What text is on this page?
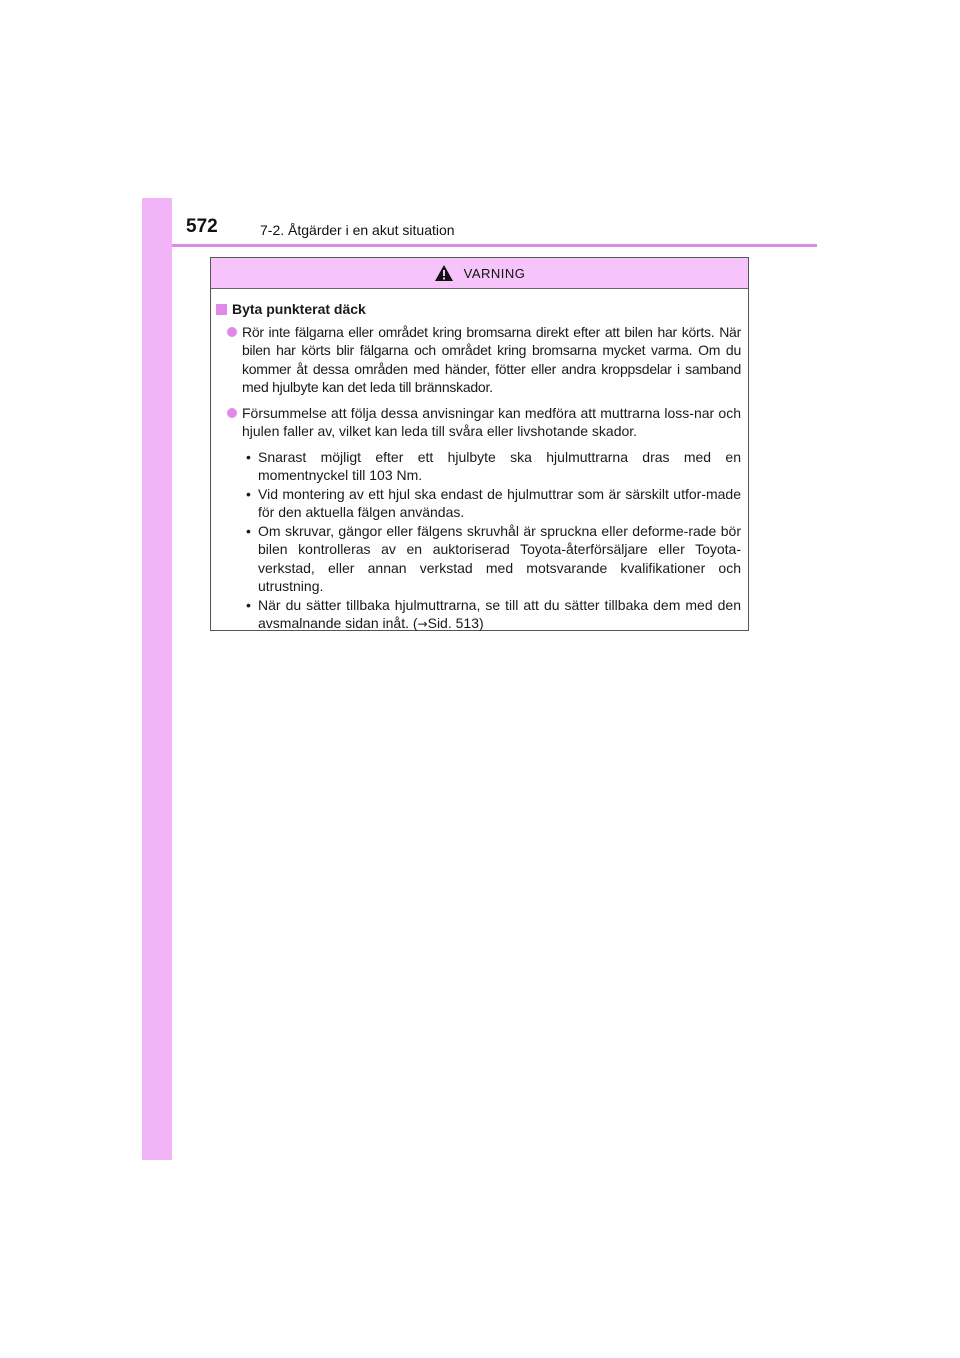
572	7-2. Åtgärder i en akut situation
VARNING
Byta punkterat däck
Rör inte fälgarna eller området kring bromsarna direkt efter att bilen har körts. När bilen har körts blir fälgarna och området kring bromsarna mycket varma. Om du kommer åt dessa områden med händer, fötter eller andra kroppsdelar i samband med hjulbyte kan det leda till brännskador.
Försummelse att följa dessa anvisningar kan medföra att muttrarna loss-nar och hjulen faller av, vilket kan leda till svåra eller livshotande skador.
• Snarast möjligt efter ett hjulbyte ska hjulmuttrarna dras med en momentnyckel till 103 Nm.
• Vid montering av ett hjul ska endast de hjulmuttrar som är särskilt utfor-made för den aktuella fälgen användas.
• Om skruvar, gängor eller fälgens skruvhål är spruckna eller deforme-rade bör bilen kontrolleras av en auktoriserad Toyota-återförsäljare eller Toyota-verkstad, eller annan verkstad med motsvarande kvalifikationer och utrustning.
• När du sätter tillbaka hjulmuttrarna, se till att du sätter tillbaka dem med den avsmalnande sidan inåt. (→Sid. 513)
